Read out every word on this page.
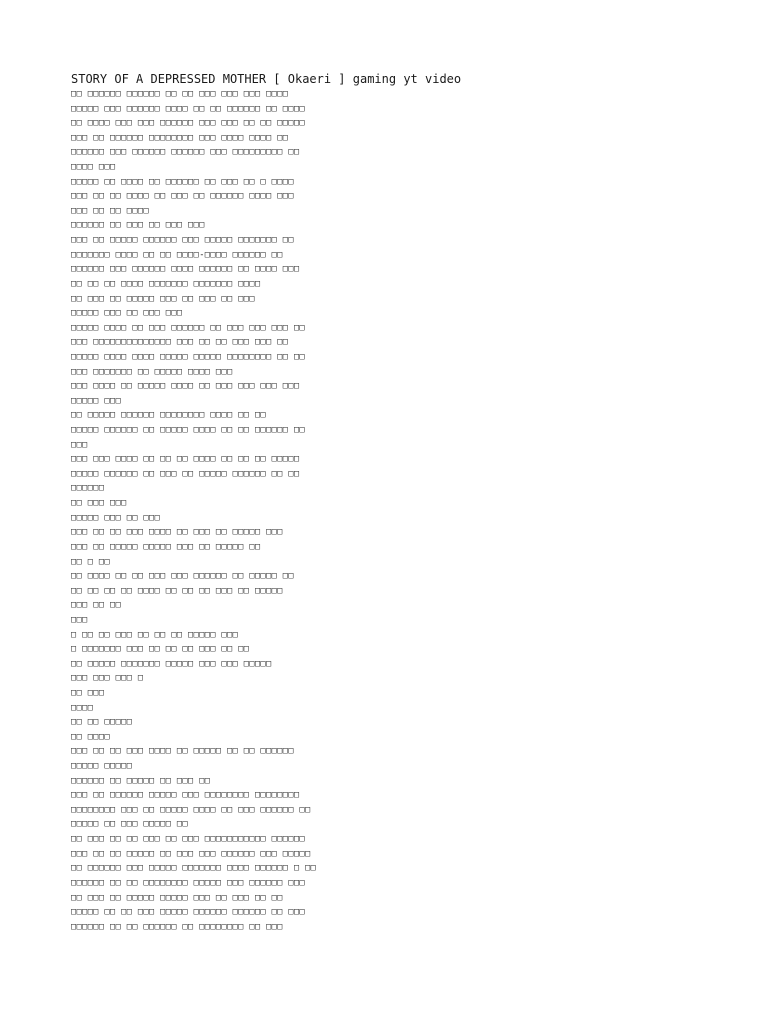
STORY OF A DEPRESSED MOTHER [ Okaeri ] gaming yt video
□□ □□□□□□ □□□□□□ □□ □□ □□□ □□□ □□□ □□□□
□□□□□ □□□ □□□□□□ □□□□ □□ □□ □□□□□□ □□ □□□□
□□ □□□□ □□□ □□□ □□□□□□ □□□ □□□ □□ □□ □□□□□
□□□ □□ □□□□□□ □□□□□□□□ □□□ □□□□ □□□□ □□
□□□□□□ □□□ □□□□□□ □□□□□□ □□□ □□□□□□□□□ □□
□□□□ □□□
□□□□□ □□ □□□□ □□ □□□□□□ □□ □□□ □□ □ □□□□
□□□ □□ □□ □□□□ □□ □□□ □□ □□□□□□ □□□□ □□□
□□□ □□ □□ □□□□
□□□□□□ □□ □□□ □□ □□□ □□□
□□□ □□ □□□□□ □□□□□□ □□□ □□□□□ □□□□□□□ □□
□□□□□□□ □□□□ □□ □□ □□□□-□□□□ □□□□□□ □□
□□□□□□ □□□ □□□□□□ □□□□ □□□□□□ □□ □□□□ □□□
□□ □□ □□ □□□□ □□□□□□□ □□□□□□□ □□□□
□□ □□□ □□ □□□□□ □□□ □□ □□□ □□ □□□
□□□□□ □□□ □□ □□□ □□□
□□□□□ □□□□ □□ □□□ □□□□□□ □□ □□□ □□□ □□□ □□
□□□ □□□□□□□□□□□□□□ □□□ □□ □□ □□□ □□□ □□
□□□□□ □□□□ □□□□ □□□□□ □□□□□ □□□□□□□□ □□ □□
□□□ □□□□□□□ □□ □□□□□ □□□□ □□□
□□□ □□□□ □□ □□□□□ □□□□ □□ □□□ □□□ □□□ □□□
□□□□□ □□□
□□ □□□□□ □□□□□□ □□□□□□□□ □□□□ □□ □□
□□□□□ □□□□□□ □□ □□□□□ □□□□ □□ □□ □□□□□□ □□
□□□
□□□ □□□ □□□□ □□ □□ □□ □□□□ □□ □□ □□ □□□□□
□□□□□ □□□□□□ □□ □□□ □□ □□□□□ □□□□□□ □□ □□
□□□□□□
□□ □□□ □□□
□□□□□ □□□ □□ □□□
□□□ □□ □□ □□□ □□□□ □□ □□□ □□ □□□□□ □□□
□□□ □□ □□□□□ □□□□□ □□□ □□ □□□□□ □□
□□ □ □□
□□ □□□□ □□ □□ □□□ □□□ □□□□□□ □□ □□□□□ □□
□□ □□ □□ □□ □□□□ □□ □□ □□ □□□ □□ □□□□□
□□□ □□ □□
□□□
□ □□ □□ □□□ □□ □□ □□ □□□□□ □□□
□ □□□□□□□ □□□ □□ □□ □□ □□□ □□ □□
□□ □□□□□ □□□□□□□ □□□□□ □□□ □□□ □□□□□
□□□ □□□ □□□ □
□□ □□□
□□□□
□□ □□ □□□□□
□□ □□□□
□□□ □□ □□ □□□ □□□□ □□ □□□□□ □□ □□ □□□□□□
□□□□□ □□□□□
□□□□□□ □□ □□□□□ □□ □□□ □□
□□□ □□ □□□□□□ □□□□□ □□□ □□□□□□□□ □□□□□□□□
□□□□□□□□ □□□ □□ □□□□□ □□□□ □□ □□□ □□□□□□ □□
□□□□□ □□ □□□ □□□□□ □□
□□ □□□ □□ □□ □□□ □□ □□□ □□□□□□□□□□□ □□□□□□
□□□ □□ □□ □□□□□ □□ □□□ □□□ □□□□□□ □□□ □□□□□
□□ □□□□□□ □□□ □□□□□ □□□□□□□ □□□□ □□□□□□ □ □□
□□□□□□ □□ □□ □□□□□□□□ □□□□□ □□□ □□□□□□ □□□
□□ □□□ □□ □□□□□ □□□□□ □□□ □□ □□□ □□ □□
□□□□□ □□ □□ □□□ □□□□□ □□□□□□ □□□□□□ □□ □□□
□□□□□□ □□ □□ □□□□□□ □□ □□□□□□□□ □□ □□□
